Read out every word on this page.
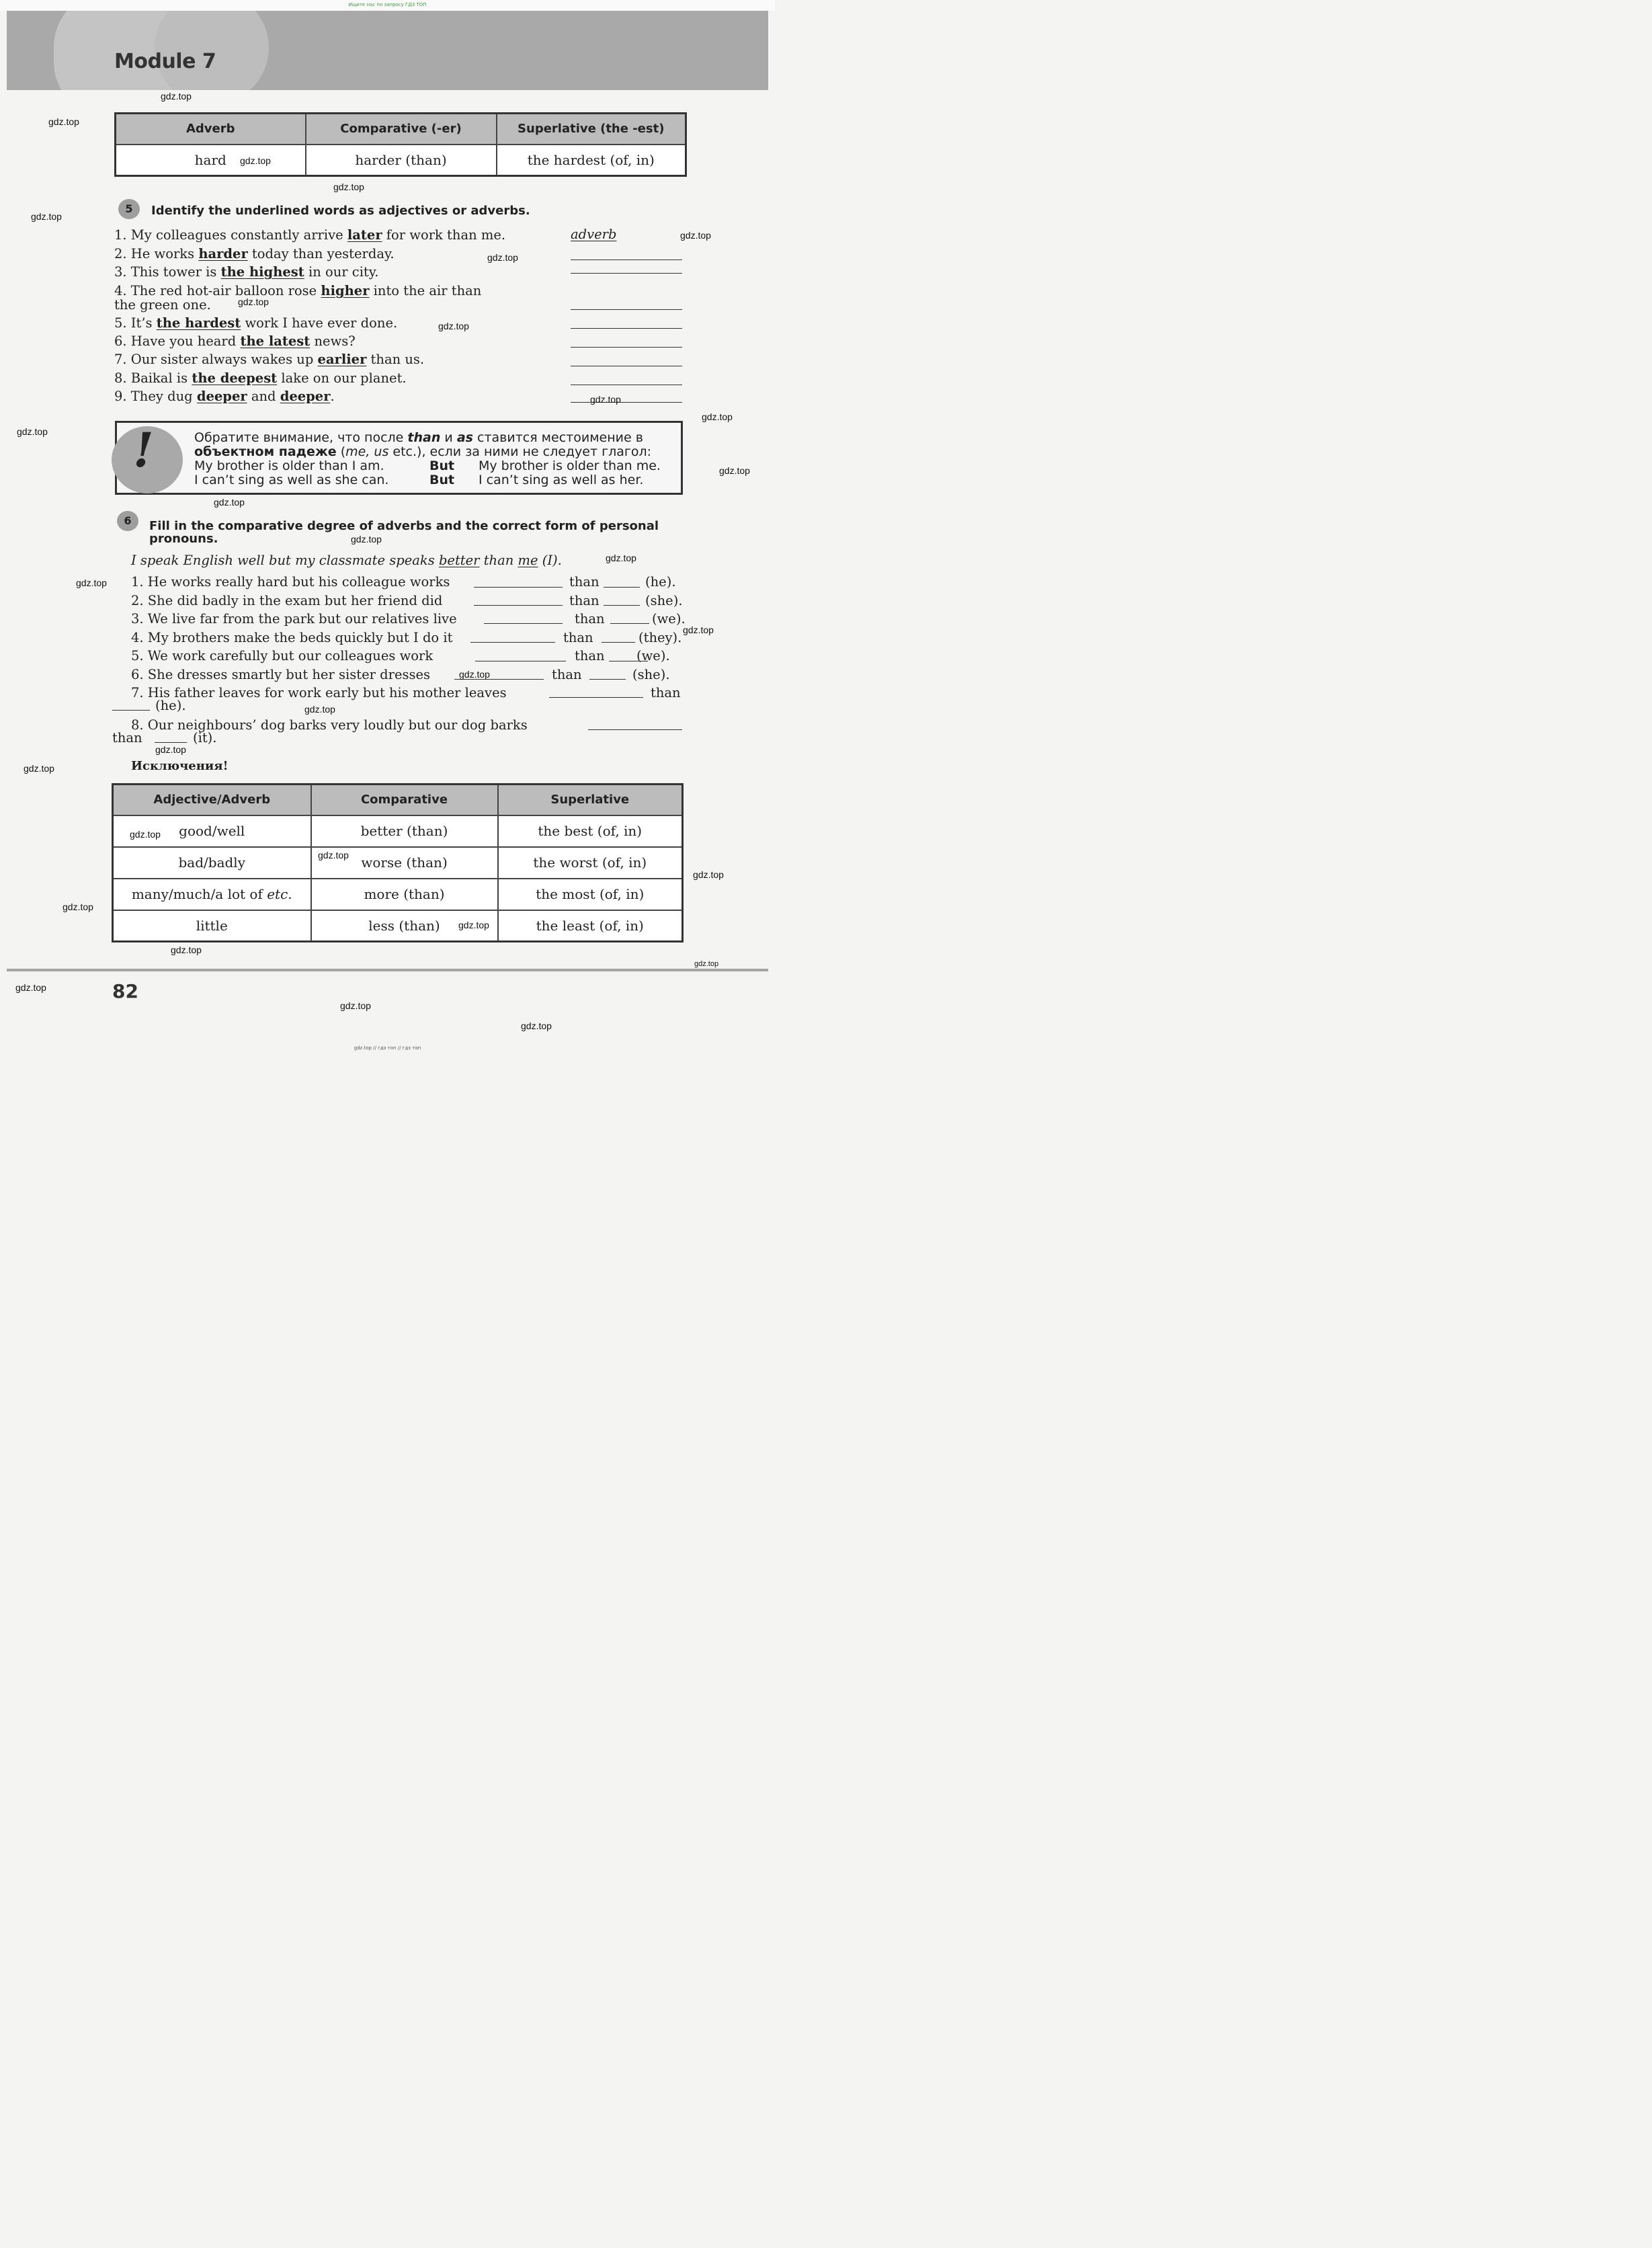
Ищите нас по запросу ГДЗ ТОП
Module 7
Adverb	Comparative (-er)	Superlative (the -est)
hard	harder (than)	the hardest (of, in)
5	Identify the underlined words as adjectives or adverbs.
1. My colleagues constantly arrive later for work than me.	adverb
2. He works harder today than yesterday.
3. This tower is the highest in our city.
4. The red hot-air balloon rose higher into the air than
the green one.
5. It’s the hardest work I have ever done.
6. Have you heard the latest news?
7. Our sister always wakes up earlier than us.
8. Baikal is the deepest lake on our planet.
9. They dug deeper and deeper.
!	Обратите внимание, что после than и as ставится местоимение в
объектном падеже (me, us etc.), если за ними не следует глагол:
My brother is older than I am.	But My brother is older than me.
I can’t sing as well as she can.	But I can’t sing as well as her.
6	Fill in the comparative degree of adverbs and the correct form of personal
pronouns.
I speak English well but my classmate speaks better than me (I).
1. He works really hard but his colleague works	than	(he).
2. She did badly in the exam but her friend did	than	(she).
3. We live far from the park but our relatives live	than	(we).
4. My brothers make the beds quickly but I do it	than	(they).
5. We work carefully but our colleagues work	than (we).
6. She dresses smartly but her sister dresses	than	(she).
7. His father leaves for work early but his mother leaves	than
(he).
8. Our neighbours’ dog barks very loudly but our dog barks
than	(it).
Исключения!
Adjective/Adverb	Comparative	Superlative
good/well	better (than)	the best (of, in)
bad/badly	worse (than)	the worst (of, in)
many/much/a lot of etc.	more (than)	the most (of, in)
little	less (than)	the least (of, in)
82
gdz.top // гдз топ // гдз топ
gdz.top
gdz.top
gdz.top
gdz.top
gdz.top
gdz.top
gdz.top
gdz.top
gdz.top
gdz.top
gdz.top
gdz.top
gdz.top
gdz.top
gdz.top
gdz.top
gdz.top
gdz.top
gdz.top
gdz.top
gdz.top
gdz.top
gdz.top
gdz.top
gdz.top
gdz.top
gdz.top
gdz.top
gdz.top
gdz.top
gdz.top
gdz.top
